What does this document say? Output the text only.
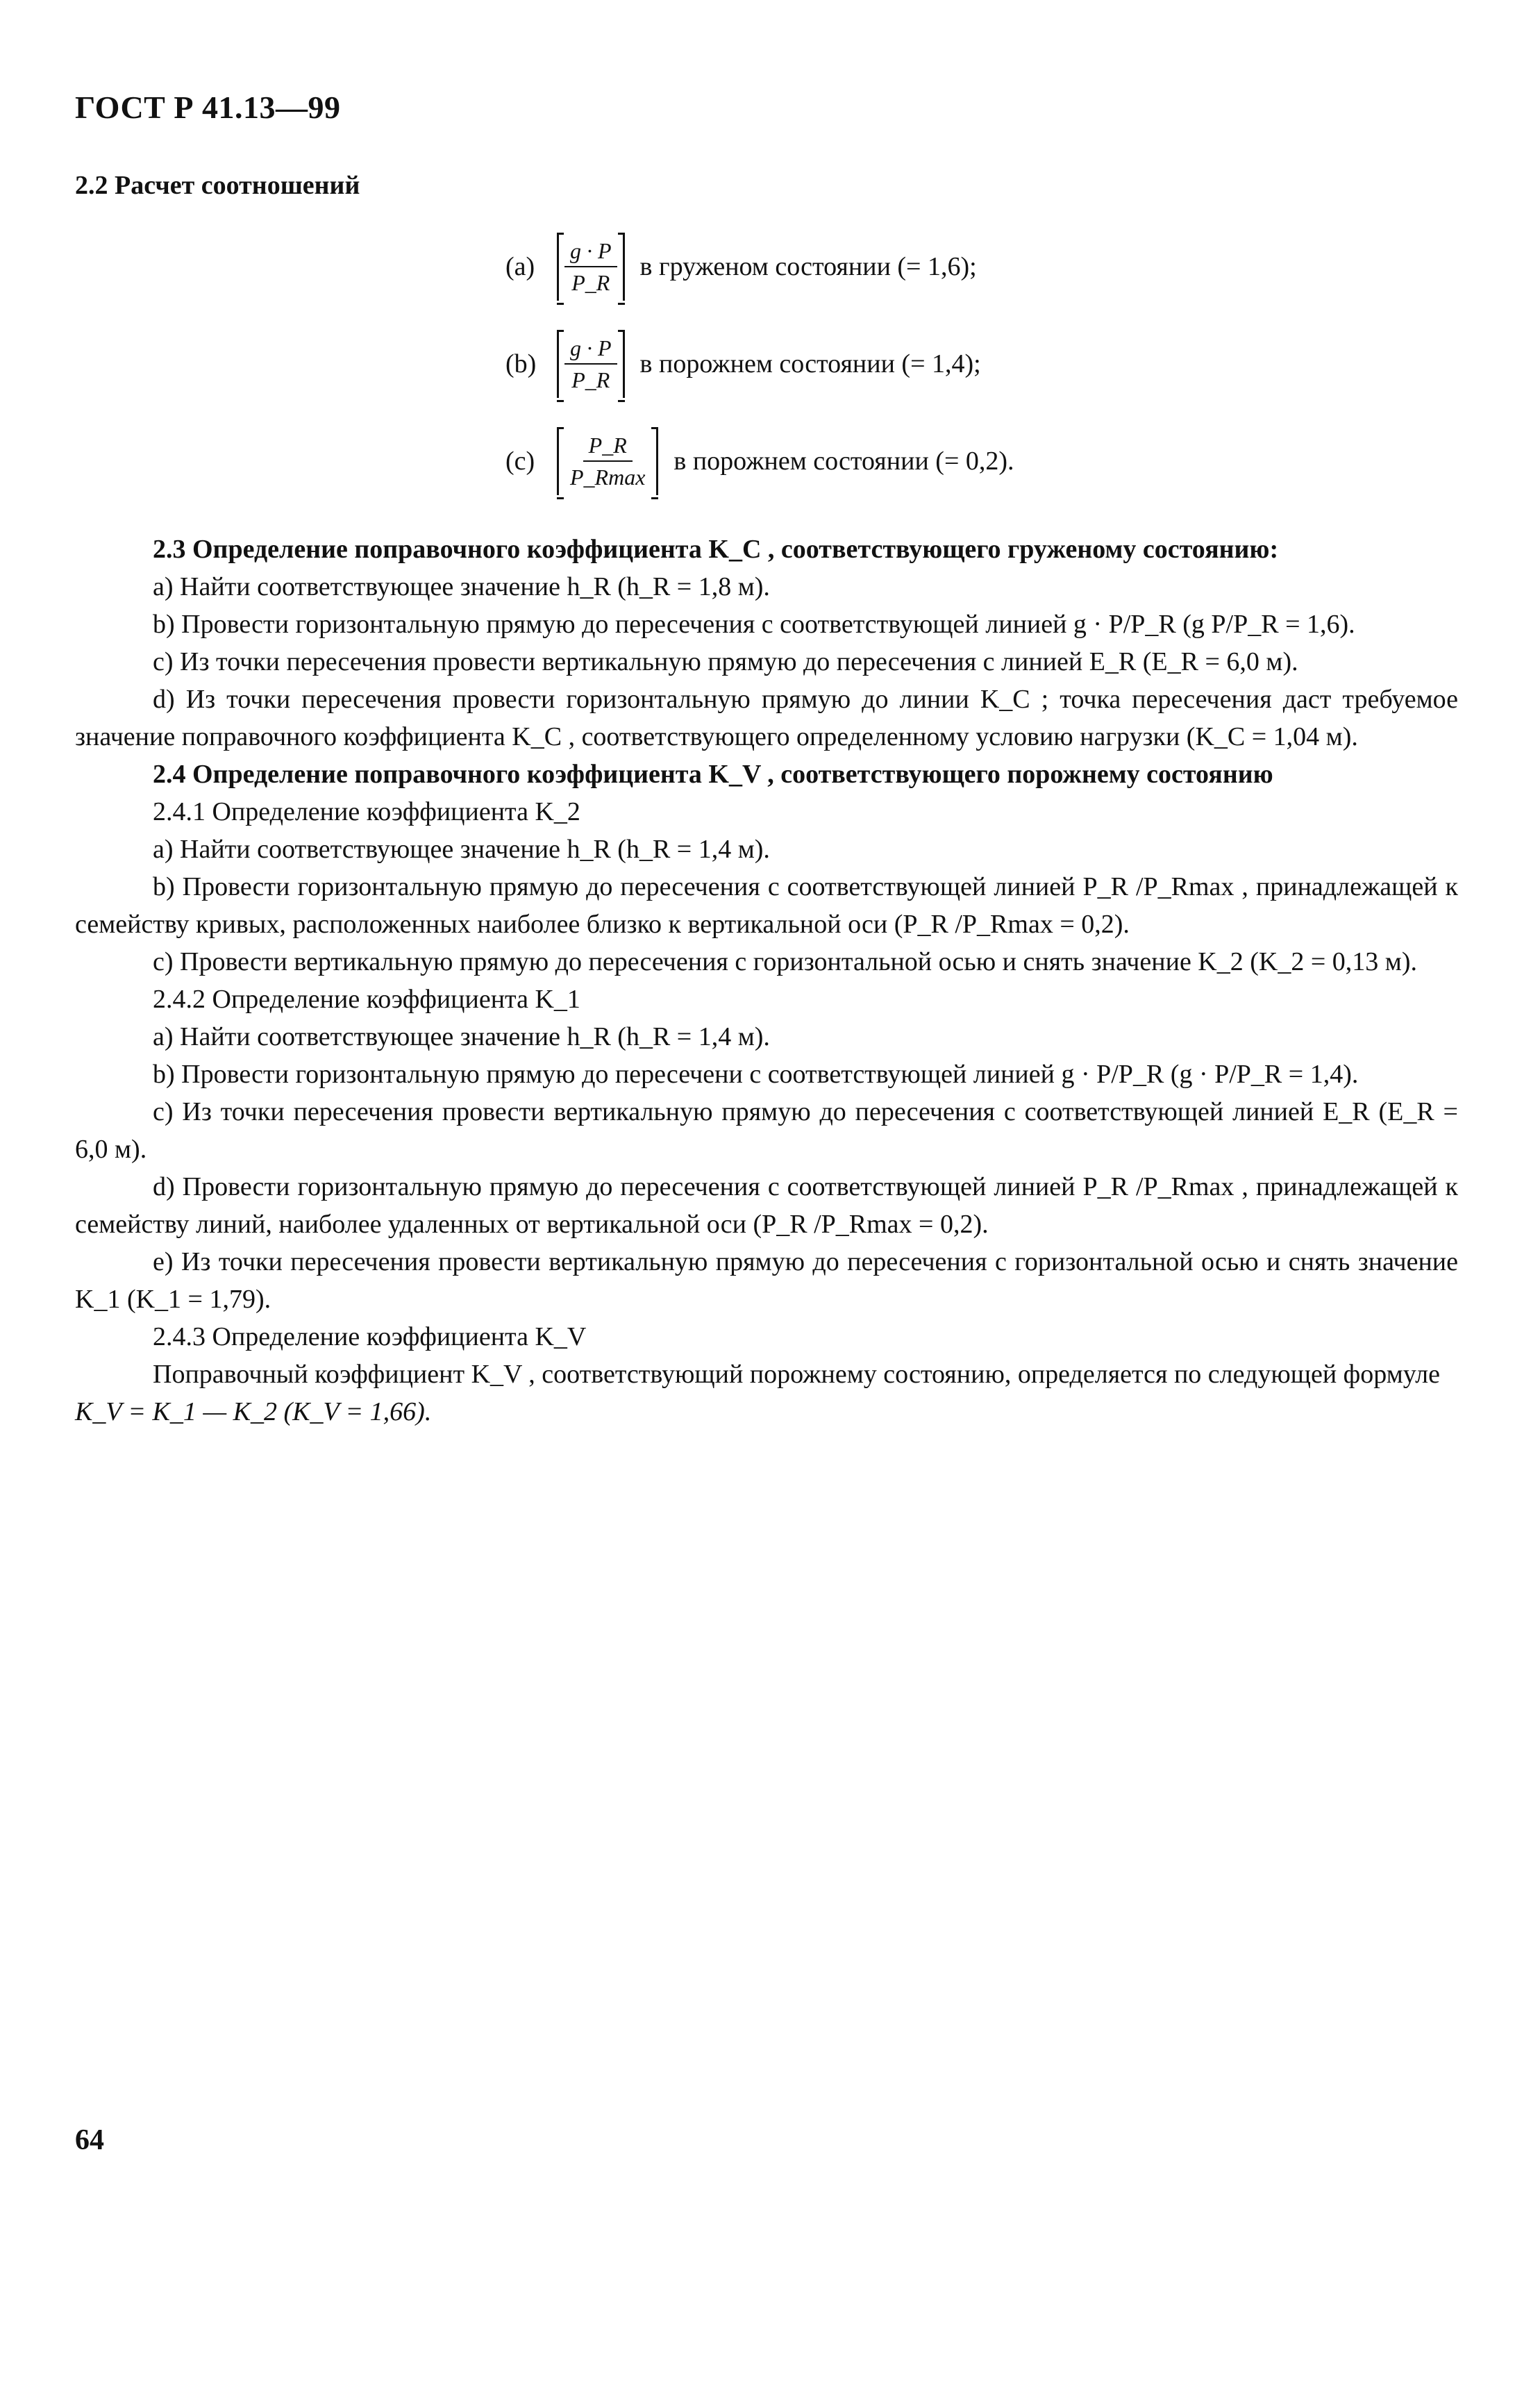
ГОСТ Р 41.13—99

2.2 Расчет соотношений

(a)	$\frac{g \cdot P}{P\_R}$ в груженом состоянии (= 1,6);
(b)	$\frac{g \cdot P}{P\_R}$ в порожнем состоянии (= 1,4);
(c)	$\frac{P\_R}{P\_Rmax}$ в порожнем состоянии (= 0,2).

2.3 Определение поправочного коэффициента K_C , соответствующего груженому состоянию:

a) Найти соответствующее значение h_R (h_R = 1,8 м).

b) Провести горизонтальную прямую до пересечения с соответствующей линией g · P/P_R (g P/P_R = 1,6).

c) Из точки пересечения провести вертикальную прямую до пересечения с линией E_R (E_R = 6,0 м).

d) Из точки пересечения провести горизонтальную прямую до линии K_C ; точка пересечения даст требуемое значение поправочного коэффициента K_C , соответствующего определенному условию нагрузки (K_C = 1,04 м).

2.4 Определение поправочного коэффициента K_V , соответствующего порожнему состоянию

2.4.1 Определение коэффициента K_2

a) Найти соответствующее значение h_R (h_R = 1,4 м).

b) Провести горизонтальную прямую до пересечения с соответствующей линией P_R /P_Rmax , принадлежащей к семейству кривых, расположенных наиболее близко к вертикальной оси (P_R /P_Rmax = 0,2).

c) Провести вертикальную прямую до пересечения с горизонтальной осью и снять значение K_2 (K_2 = 0,13 м).

2.4.2 Определение коэффициента K_1

a) Найти соответствующее значение h_R (h_R = 1,4 м).

b) Провести горизонтальную прямую до пересечени с соответствующей линией g · P/P_R (g · P/P_R = 1,4).

c) Из точки пересечения провести вертикальную прямую до пересечения с соответствующей линией E_R (E_R = 6,0 м).

d) Провести горизонтальную прямую до пересечения с соответствующей линией P_R /P_Rmax , принадлежащей к семейству линий, наиболее удаленных от вертикальной оси (P_R /P_Rmax = 0,2).

e) Из точки пересечения провести вертикальную прямую до пересечения с горизонтальной осью и снять значение K_1 (K_1 = 1,79).

2.4.3 Определение коэффициента K_V

Поправочный коэффициент K_V , соответствующий порожнему состоянию, определяется по следующей формуле

K_V = K_1 — K_2 (K_V = 1,66).

64
